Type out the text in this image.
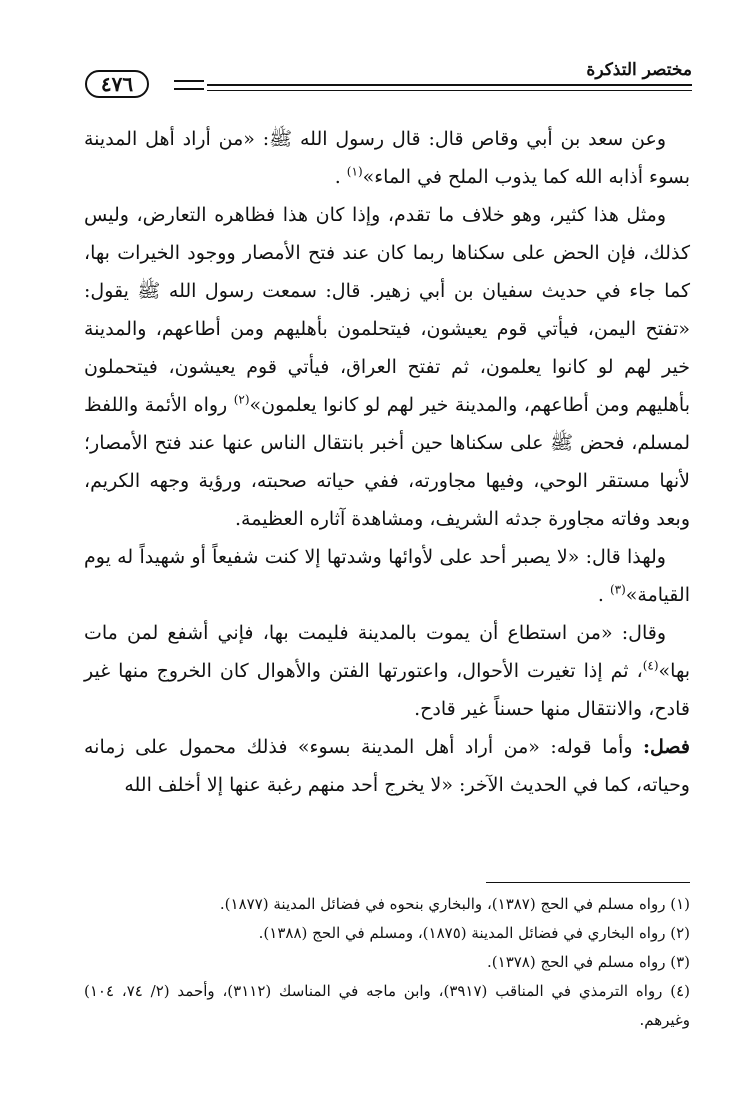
٤٧٦
مختصر التذكرة

وعن سعد بن أبي وقاص قال: قال رسول الله ﷺ: «من أراد أهل المدينة بسوء أذابه الله كما يذوب الملح في الماء»$^{(١)}$ .

ومثل هذا كثير، وهو خلاف ما تقدم، وإذا كان هذا فظاهره التعارض، وليس كذلك، فإن الحض على سكناها ربما كان عند فتح الأمصار ووجود الخيرات بها، كما جاء في حديث سفيان بن أبي زهير. قال: سمعت رسول الله ﷺ يقول: «تفتح اليمن، فيأتي قوم يعيشون، فيتحلمون بأهليهم ومن أطاعهم، والمدينة خير لهم لو كانوا يعلمون، ثم تفتح العراق، فيأتي قوم يعيشون، فيتحملون بأهليهم ومن أطاعهم، والمدينة خير لهم لو كانوا يعلمون»$^{(٢)}$ رواه الأئمة واللفظ لمسلم، فحض ﷺ على سكناها حين أخبر بانتقال الناس عنها عند فتح الأمصار؛ لأنها مستقر الوحي، وفيها مجاورته، ففي حياته صحبته، ورؤية وجهه الكريم، وبعد وفاته مجاورة جدثه الشريف، ومشاهدة آثاره العظيمة.

ولهذا قال: «لا يصبر أحد على لأوائها وشدتها إلا كنت شفيعاً أو شهيداً له يوم القيامة»$^{(٣)}$ .

وقال: «من استطاع أن يموت بالمدينة فليمت بها، فإني أشفع لمن مات بها»$^{(٤)}$، ثم إذا تغيرت الأحوال، واعتورتها الفتن والأهوال كان الخروج منها غير قادح، والانتقال منها حسناً غير قادح.

فصل: وأما قوله: «من أراد أهل المدينة بسوء» فذلك محمول على زمانه وحياته، كما في الحديث الآخر: «لا يخرج أحد منهم رغبة عنها إلا أخلف الله

(١) رواه مسلم في الحج (١٣٨٧)، والبخاري بنحوه في فضائل المدينة (١٨٧٧).

(٢) رواه البخاري في فضائل المدينة (١٨٧٥)، ومسلم في الحج (١٣٨٨).

(٣) رواه مسلم في الحج (١٣٧٨).

(٤) رواه الترمذي في المناقب (٣٩١٧)، وابن ماجه في المناسك (٣١١٢)، وأحمد (٢/ ٧٤، ١٠٤) وغيرهم.
